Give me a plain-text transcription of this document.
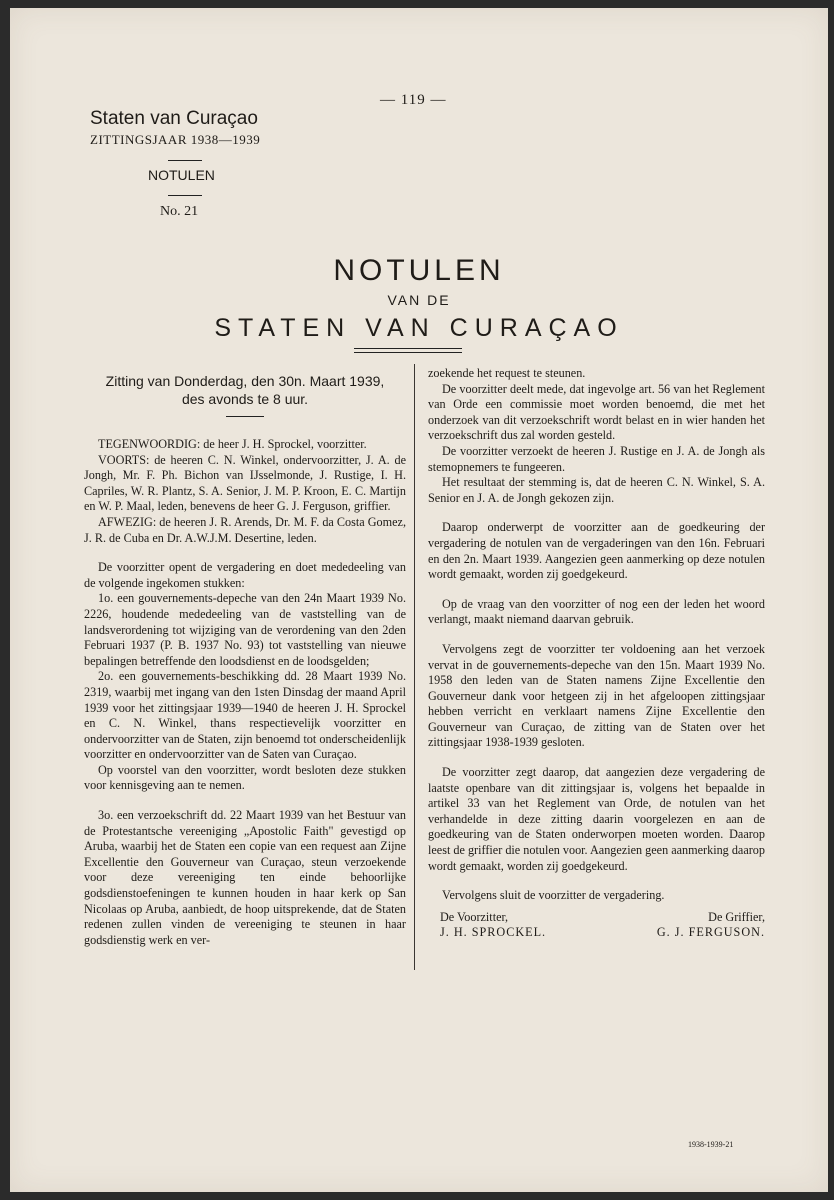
— 119 —
Staten van Curaçao
ZITTINGSJAAR 1938—1939
NOTULEN
No. 21
NOTULEN
VAN DE
STATEN VAN CURAÇAO
Zitting van Donderdag, den 30n. Maart 1939,
des avonds te 8 uur.

TEGENWOORDIG: de heer J. H. Sprockel, voorzitter.

VOORTS: de heeren C. N. Winkel, ondervoorzitter, J. A. de Jongh, Mr. F. Ph. Bichon van IJsselmonde, J. Rustige, I. H. Capriles, W. R. Plantz, S. A. Senior, J. M. P. Kroon, E. C. Martijn en W. P. Maal, leden, benevens de heer G. J. Ferguson, griffier.

AFWEZIG: de heeren J. R. Arends, Dr. M. F. da Costa Gomez, J. R. de Cuba en Dr. A.W.J.M. Desertine, leden.

De voorzitter opent de vergadering en doet mededeeling van de volgende ingekomen stukken:

1o. een gouvernements-depeche van den 24n Maart 1939 No. 2226, houdende mededeeling van de vaststelling van de landsverordening tot wijziging van de verordening van den 2den Februari 1937 (P. B. 1937 No. 93) tot vaststelling van nieuwe bepalingen betreffende den loodsdienst en de loodsgelden;

2o. een gouvernements-beschikking dd. 28 Maart 1939 No. 2319, waarbij met ingang van den 1sten Dinsdag der maand April 1939 voor het zittingsjaar 1939—1940 de heeren J. H. Sprockel en C. N. Winkel, thans respectievelijk voorzitter en ondervoorzitter van de Staten, zijn benoemd tot onderscheidenlijk voorzitter en ondervoorzitter van de Saten van Curaçao.

Op voorstel van den voorzitter, wordt besloten deze stukken voor kennisgeving aan te nemen.

3o. een verzoekschrift dd. 22 Maart 1939 van het Bestuur van de Protestantsche vereeniging „Apostolic Faith" gevestigd op Aruba, waarbij het de Staten een copie van een request aan Zijne Excellentie den Gouverneur van Curaçao, steun verzoekende voor deze vereeniging ten einde behoorlijke godsdienstoefeningen te kunnen houden in haar kerk op San Nicolaas op Aruba, aanbiedt, de hoop uitsprekende, dat de Staten redenen zullen vinden de vereeniging te steunen in haar godsdienstig werk en ver-

zoekende het request te steunen.

De voorzitter deelt mede, dat ingevolge art. 56 van het Reglement van Orde een commissie moet worden benoemd, die met het onderzoek van dit verzoekschrift wordt belast en in wier handen het verzoekschrift dus zal worden gesteld.

De voorzitter verzoekt de heeren J. Rustige en J. A. de Jongh als stemopnemers te fungeeren.

Het resultaat der stemming is, dat de heeren C. N. Winkel, S. A. Senior en J. A. de Jongh gekozen zijn.

Daarop onderwerpt de voorzitter aan de goedkeuring der vergadering de notulen van de vergaderingen van den 16n. Februari en den 2n. Maart 1939. Aangezien geen aanmerking op deze notulen wordt gemaakt, worden zij goedgekeurd.

Op de vraag van den voorzitter of nog een der leden het woord verlangt, maakt niemand daarvan gebruik.

Vervolgens zegt de voorzitter ter voldoening aan het verzoek vervat in de gouvernements-depeche van den 15n. Maart 1939 No. 1958 den leden van de Staten namens Zijne Excellentie den Gouverneur dank voor hetgeen zij in het afgeloopen zittingsjaar hebben verricht en verklaart namens Zijne Excellentie den Gouverneur van Curaçao, de zitting van de Staten over het zittingsjaar 1938-1939 gesloten.

De voorzitter zegt daarop, dat aangezien deze vergadering de laatste openbare van dit zittingsjaar is, volgens het bepaalde in artikel 33 van het Reglement van Orde, de notulen van het verhandelde in deze zitting daarin voorgelezen en aan de goedkeuring van de Staten onderworpen moeten worden. Daarop leest de griffier die notulen voor. Aangezien geen aanmerking daarop wordt gemaakt, worden zij goedgekeurd.

Vervolgens sluit de voorzitter de vergadering.

De Voorzitter,
J. H. SPROCKEL.
De Griffier,
G. J. FERGUSON.
1938-1939-21
